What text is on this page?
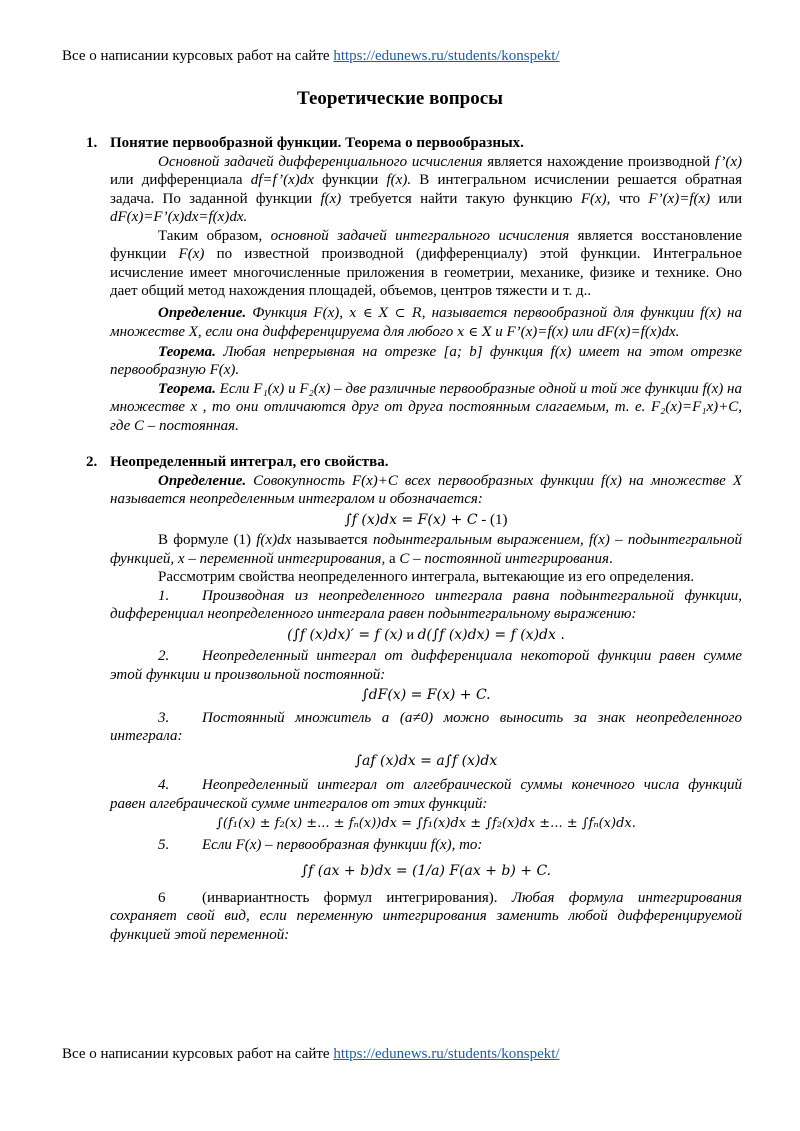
Все о написании курсовых работ на сайте https://edunews.ru/students/konspekt/
Теоретические вопросы

1. Понятие первообразной функции. Теорема о первообразных.

Основной задачей дифференциального исчисления является нахождение производной f’(x) или дифференциала df=f’(x)dx функции f(x). В интегральном исчислении решается обратная задача. По заданной функции f(x) требуется найти такую функцию F(x), что F’(x)=f(x) или dF(x)=F’(x)dx=f(x)dx.

Таким образом, основной задачей интегрального исчисления является восстановление функции F(x) по известной производной (дифференциалу) этой функции. Интегральное исчисление имеет многочисленные приложения в геометрии, механике, физике и технике. Оно дает общий метод нахождения площадей, объемов, центров тяжести и т. д..

Определение. Функция F(x), x ∈ X ⊂ R, называется первообразной для функции f(x) на множестве X, если она дифференцируема для любого x ∈ X и F’(x)=f(x) или dF(x)=f(x)dx.

Теорема. Любая непрерывная на отрезке [a; b] функция f(x) имеет на этом отрезке первообразную F(x).

Теорема. Если F₁(x) и F₂(x) – две различные первообразные одной и той же функции f(x) на множестве x , то они отличаются друг от друга постоянным слагаемым, т. е. F₂(x)=F₁x)+C, где C – постоянная.

2. Неопределенный интеграл, его свойства.

Определение. Совокупность F(x)+C всех первообразных функции f(x) на множестве X называется неопределенным интегралом и обозначается:

∫f (x)dx = F(x) + C - (1)

В формуле (1) f(x)dx называется подынтегральным выражением, f(x) – подынтегральной функцией, x – переменной интегрирования, а C – постоянной интегрирования.

Рассмотрим свойства неопределенного интеграла, вытекающие из его определения.

1. Производная из неопределенного интеграла равна подынтегральной функции, дифференциал неопределенного интеграла равен подынтегральному выражению:

(∫f (x)dx)′ = f (x) и d(∫f (x)dx) = f (x)dx .

2. Неопределенный интеграл от дифференциала некоторой функции равен сумме этой функции и произвольной постоянной:

∫dF(x) = F(x) + C.

3. Постоянный множитель a (a≠0) можно выносить за знак неопределенного интеграла:

∫af (x)dx = a∫f (x)dx

4. Неопределенный интеграл от алгебраической суммы конечного числа функций равен алгебраической сумме интегралов от этих функций:

∫(f₁(x) ± f₂(x) ±... ± fₙ(x))dx = ∫f₁(x)dx ± ∫f₂(x)dx ±... ± ∫fₙ(x)dx.

5. Если F(x) – первообразная функции f(x), то:

∫f (ax + b)dx = (1/a) F(ax + b) + C.

6 (инвариантность формул интегрирования). Любая формула интегрирования сохраняет свой вид, если переменную интегрирования заменить любой дифференцируемой функцией этой переменной:

Все о написании курсовых работ на сайте https://edunews.ru/students/konspekt/
